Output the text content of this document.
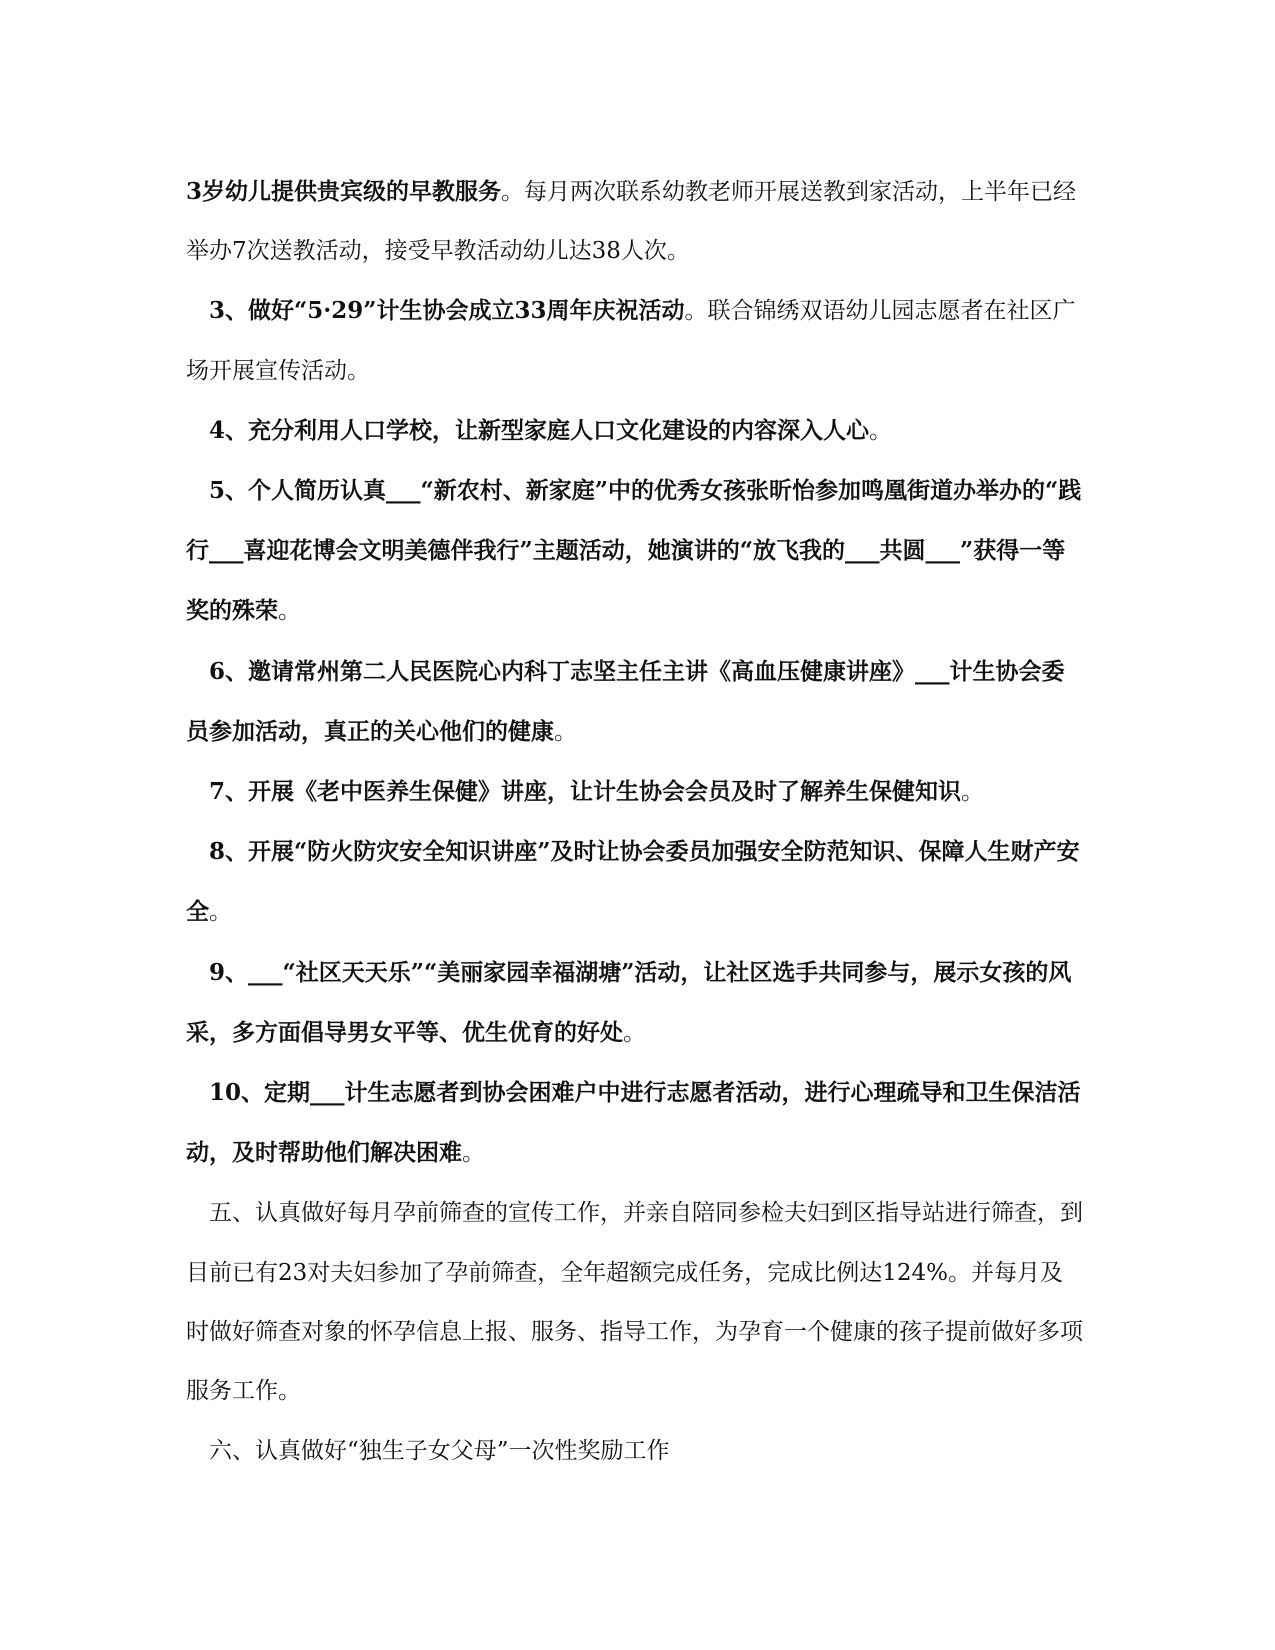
3岁幼儿提供贵宾级的早教服务。每月两次联系幼教老师开展送教到家活动，上半年已经举办7次送教活动，接受早教活动幼儿达38人次。

3、做好“5·29”计生协会成立33周年庆祝活动。联合锦绣双语幼儿园志愿者在社区广场开展宣传活动。

4、充分利用人口学校，让新型家庭人口文化建设的内容深入人心。

5、个人简历认真___“新农村、新家庭”中的优秀女孩张昕怡参加鸣凰街道办举办的“践行___喜迎花博会文明美德伴我行”主题活动，她演讲的“放飞我的___共圆___”获得一等奖的殊荣。

6、邀请常州第二人民医院心内科丁志坚主任主讲《高血压健康讲座》___计生协会委员参加活动，真正的关心他们的健康。

7、开展《老中医养生保健》讲座，让计生协会会员及时了解养生保健知识。

8、开展“防火防灾安全知识讲座”及时让协会委员加强安全防范知识、保障人生财产安全。

9、___“社区天天乐”“美丽家园幸福湖塘”活动，让社区选手共同参与，展示女孩的风采，多方面倡导男女平等、优生优育的好处。

10、定期___计生志愿者到协会困难户中进行志愿者活动，进行心理疏导和卫生保洁活动，及时帮助他们解决困难。

五、认真做好每月孕前筛查的宣传工作，并亲自陪同参检夫妇到区指导站进行筛查，到目前已有23对夫妇参加了孕前筛查，全年超额完成任务，完成比例达124%。并每月及时做好筛查对象的怀孕信息上报、服务、指导工作，为孕育一个健康的孩子提前做好多项服务工作。

六、认真做好“独生子女父母”一次性奖励工作
